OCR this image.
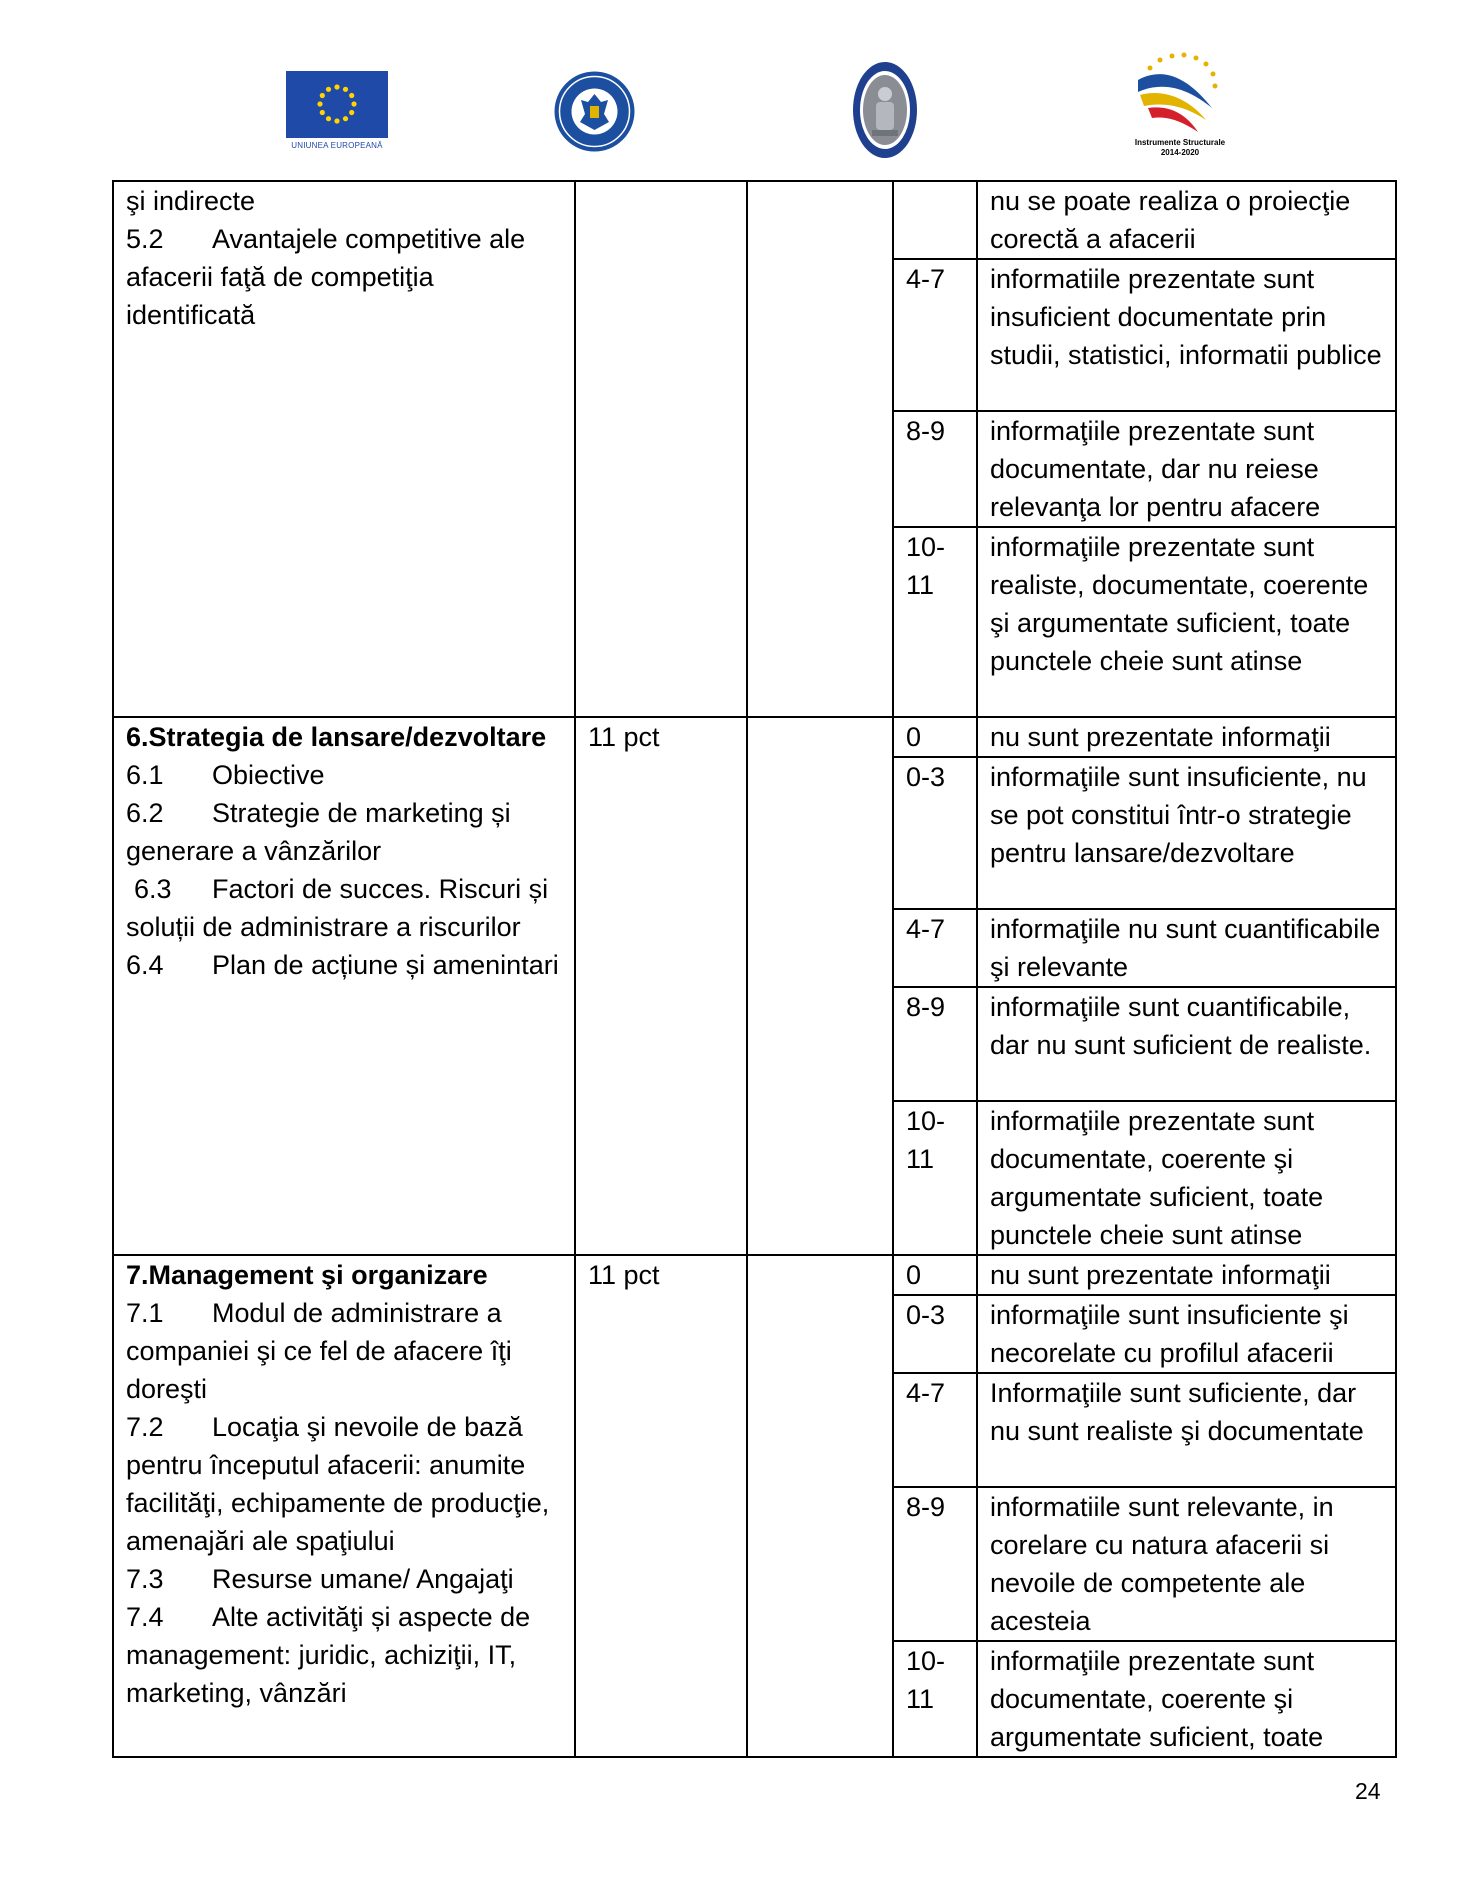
UNIUNEA EUROPEANĂ	Instrumente Structurale
2014-2020
şi indirecte
5.2 Avantajele competitive ale afacerii faţă de competiţia identificată				nu se poate realiza o proiecţie corectă a afacerii
			4-7	informatiile prezentate sunt insuficient documentate prin studii, statistici, informatii publice
			8-9	informaţiile prezentate sunt documentate, dar nu reiese relevanţa lor pentru afacere
			10-11	informaţiile prezentate sunt realiste, documentate, coerente şi argumentate suficient, toate punctele cheie sunt atinse

6.Strategia de lansare/dezvoltare
6.1 Obiective
6.2 Strategie de marketing și generare a vânzărilor
6.3 Factori de succes. Riscuri și soluții de administrare a riscurilor
6.4 Plan de acțiune și amenintari	11 pct		0	nu sunt prezentate informaţii
			0-3	informaţiile sunt insuficiente, nu se pot constitui într-o strategie pentru lansare/dezvoltare
			4-7	informaţiile nu sunt cuantificabile şi relevante
			8-9	informaţiile sunt cuantificabile, dar nu sunt suficient de realiste.
			10-11	informaţiile prezentate sunt documentate, coerente şi argumentate suficient, toate punctele cheie sunt atinse

7.Management şi organizare
7.1 Modul de administrare a companiei şi ce fel de afacere îţi doreşti
7.2 Locaţia şi nevoile de bază pentru începutul afacerii: anumite facilităţi, echipamente de producţie, amenajări ale spaţiului
7.3 Resurse umane/ Angajaţi
7.4 Alte activităţi și aspecte de management: juridic, achiziţii, IT, marketing, vânzări	11 pct		0	nu sunt prezentate informaţii
			0-3	informaţiile sunt insuficiente şi necorelate cu profilul afacerii
			4-7	Informaţiile sunt suficiente, dar nu sunt realiste şi documentate
			8-9	informatiile sunt relevante, in corelare cu natura afacerii si nevoile de competente ale acesteia
			10-11	informaţiile prezentate sunt documentate, coerente şi argumentate suficient, toate
24
